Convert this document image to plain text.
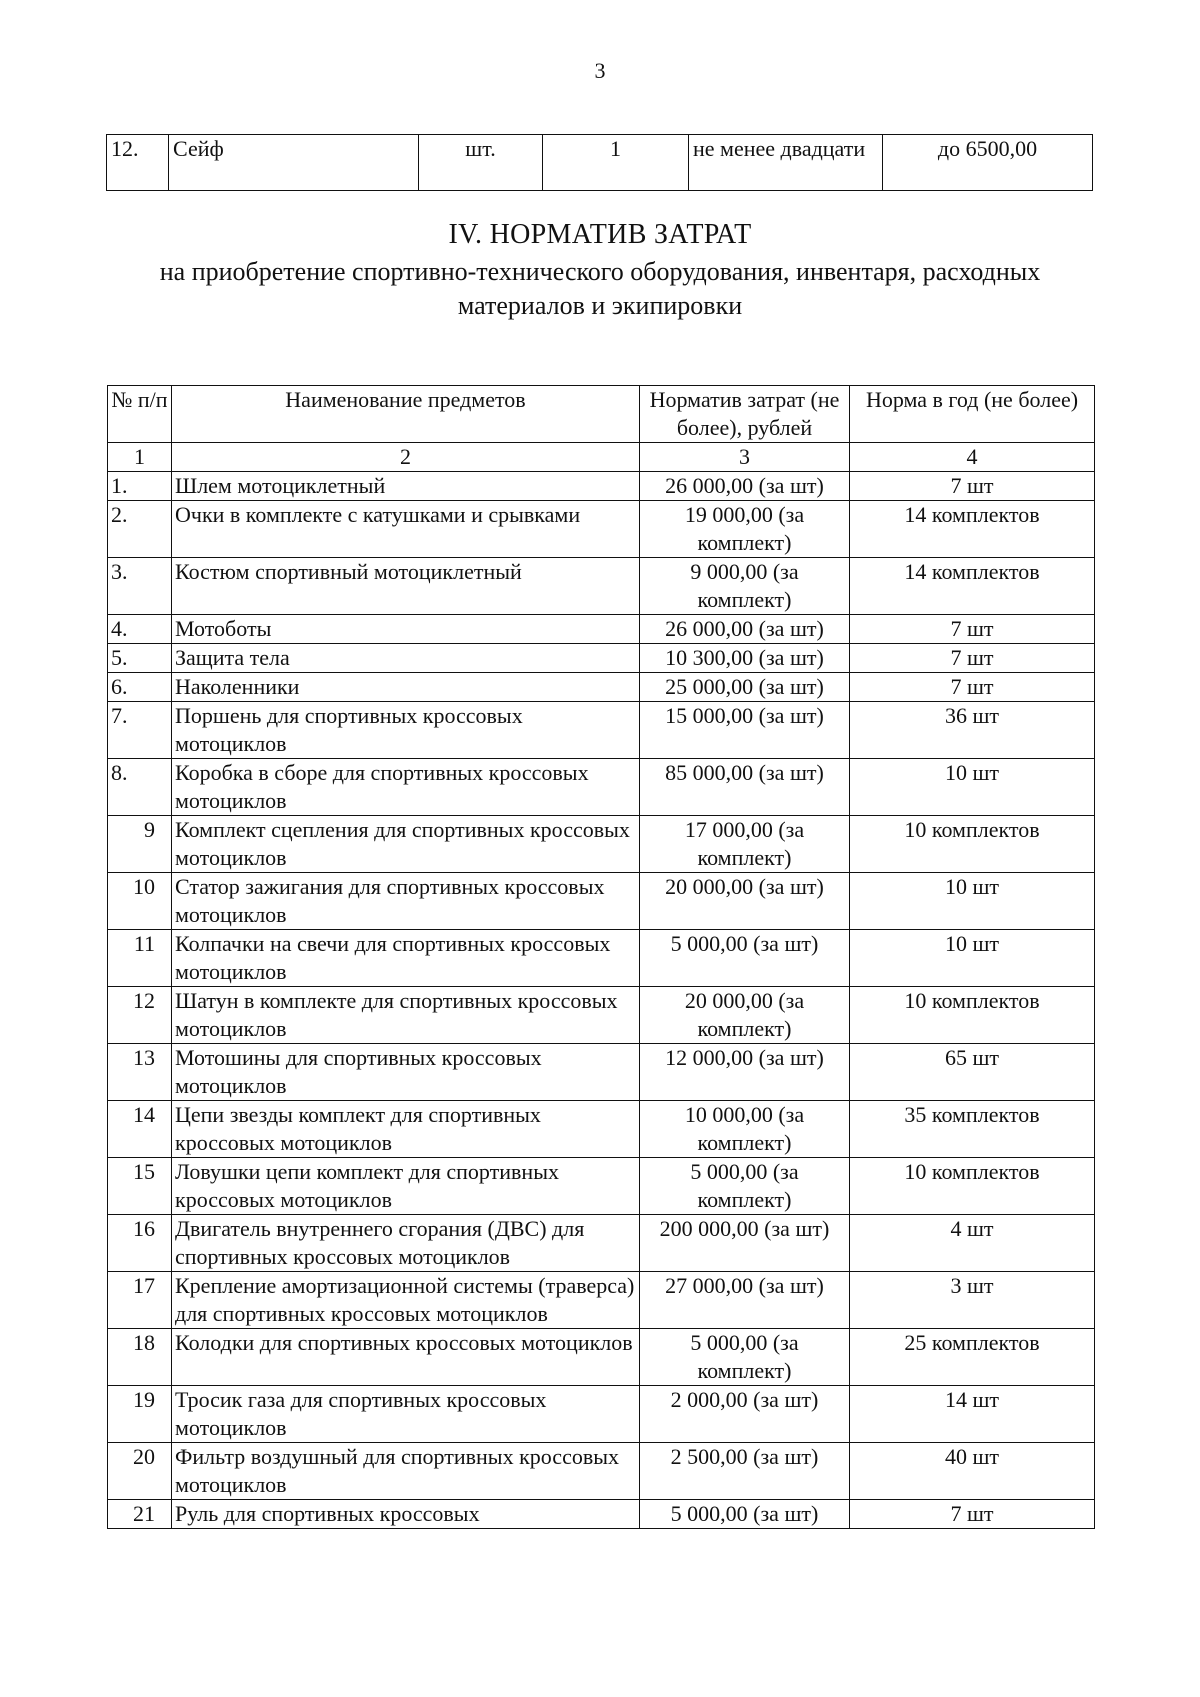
3
12.	Сейф	шт.	1	не менее двадцати	до 6500,00
IV. НОРМАТИВ ЗАТРАТ
на приобретение спортивно-технического оборудования, инвентаря, расходных
материалов и экипировки
№ п/п	Наименование предметов	Норматив затрат (не более), рублей	Норма в год (не более)
1	2	3	4
1.	Шлем мотоциклетный	26 000,00 (за шт)	7 шт
2.	Очки в комплекте с катушками и срывками	19 000,00 (за комплект)	14 комплектов
3.	Костюм спортивный мотоциклетный	9 000,00 (за комплект)	14 комплектов
4.	Мотоботы	26 000,00 (за шт)	7 шт
5.	Защита тела	10 300,00 (за шт)	7 шт
6.	Наколенники	25 000,00 (за шт)	7 шт
7.	Поршень для спортивных кроссовых мотоциклов	15 000,00 (за шт)	36 шт
8.	Коробка в сборе для спортивных кроссовых мотоциклов	85 000,00 (за шт)	10 шт
9	Комплект сцепления для спортивных кроссовых мотоциклов	17 000,00 (за комплект)	10 комплектов
10	Статор зажигания для спортивных кроссовых мотоциклов	20 000,00 (за шт)	10 шт
11	Колпачки на свечи для спортивных кроссовых мотоциклов	5 000,00 (за шт)	10 шт
12	Шатун в комплекте для спортивных кроссовых мотоциклов	20 000,00 (за комплект)	10 комплектов
13	Мотошины для спортивных кроссовых мотоциклов	12 000,00 (за шт)	65 шт
14	Цепи звезды комплект для спортивных кроссовых мотоциклов	10 000,00 (за комплект)	35 комплектов
15	Ловушки цепи комплект для спортивных кроссовых мотоциклов	5 000,00 (за комплект)	10 комплектов
16	Двигатель внутреннего сгорания (ДВС) для спортивных кроссовых мотоциклов	200 000,00 (за шт)	4 шт
17	Крепление амортизационной системы (траверса) для спортивных кроссовых мотоциклов	27 000,00 (за шт)	3 шт
18	Колодки для спортивных кроссовых мотоциклов	5 000,00 (за комплект)	25 комплектов
19	Тросик газа для спортивных кроссовых мотоциклов	2 000,00 (за шт)	14 шт
20	Фильтр воздушный для спортивных кроссовых мотоциклов	2 500,00 (за шт)	40 шт
21	Руль для спортивных кроссовых	5 000,00 (за шт)	7 шт
